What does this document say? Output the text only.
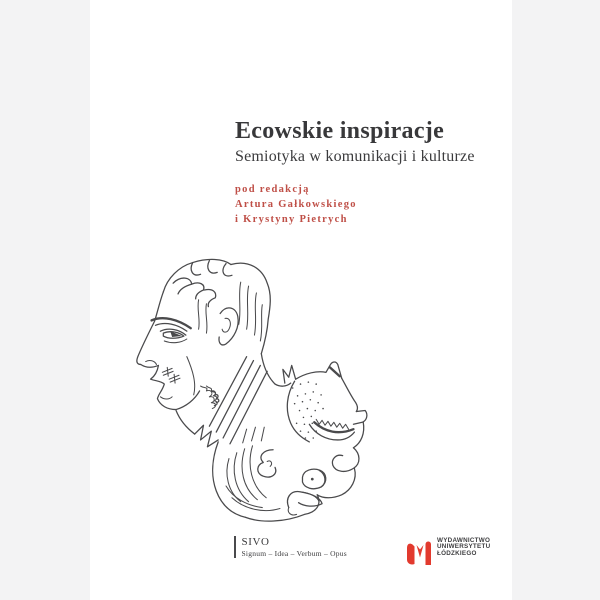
Ecowskie inspiracje
Semiotyka w komunikacji i kulturze
pod redakcją
Artura Gałkowskiego
i Krystyny Pietrych
SIVO
Signum – Idea – Verbum – Opus
WYDAWNICTWO
UNIWERSYTETU
ŁÓDZKIEGO
